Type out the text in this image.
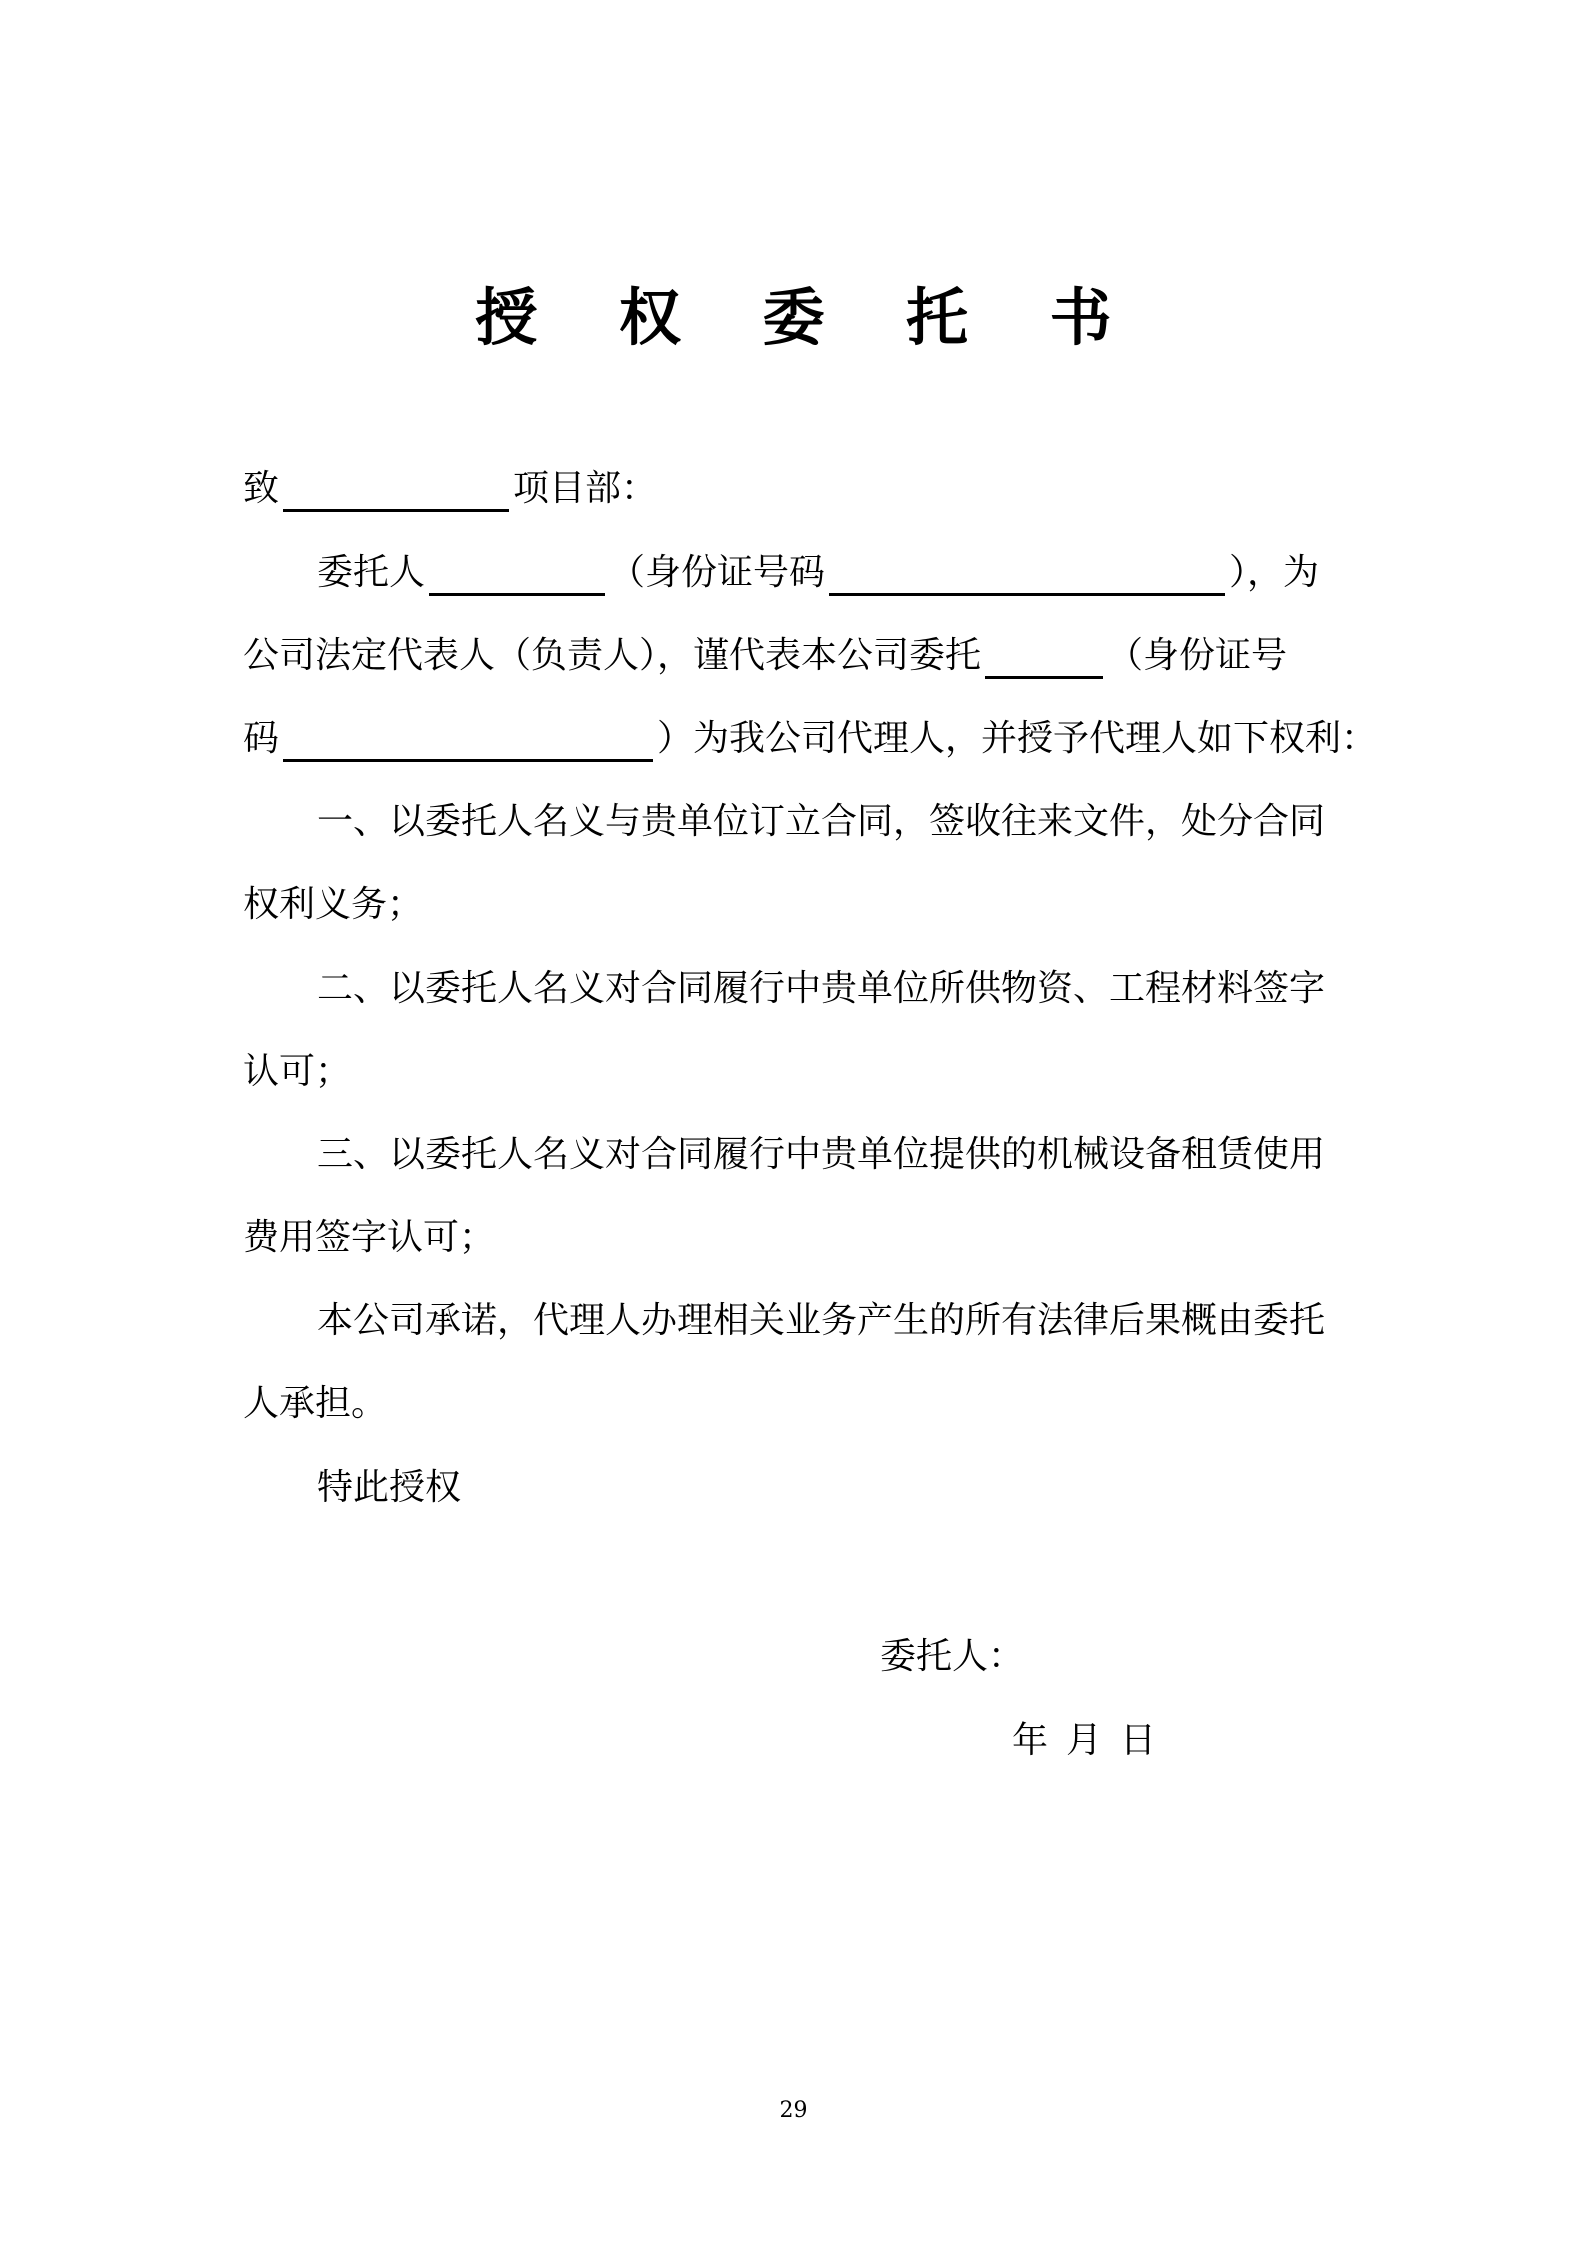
授 权 委 托 书
致	项目部：
委托人	（身份证号码	），为
公司法定代表人（负责人），谨代表本公司委托	（身份证号
码	）为我公司代理人，并授予代理人如下权利：
一、以委托人名义与贵单位订立合同，签收往来文件，处分合同
权利义务；
二、以委托人名义对合同履行中贵单位所供物资、工程材料签字
认可；
三、以委托人名义对合同履行中贵单位提供的机械设备租赁使用
费用签字认可；
本公司承诺，代理人办理相关业务产生的所有法律后果概由委托
人承担。
特此授权
委托人：
年 月 日
29
